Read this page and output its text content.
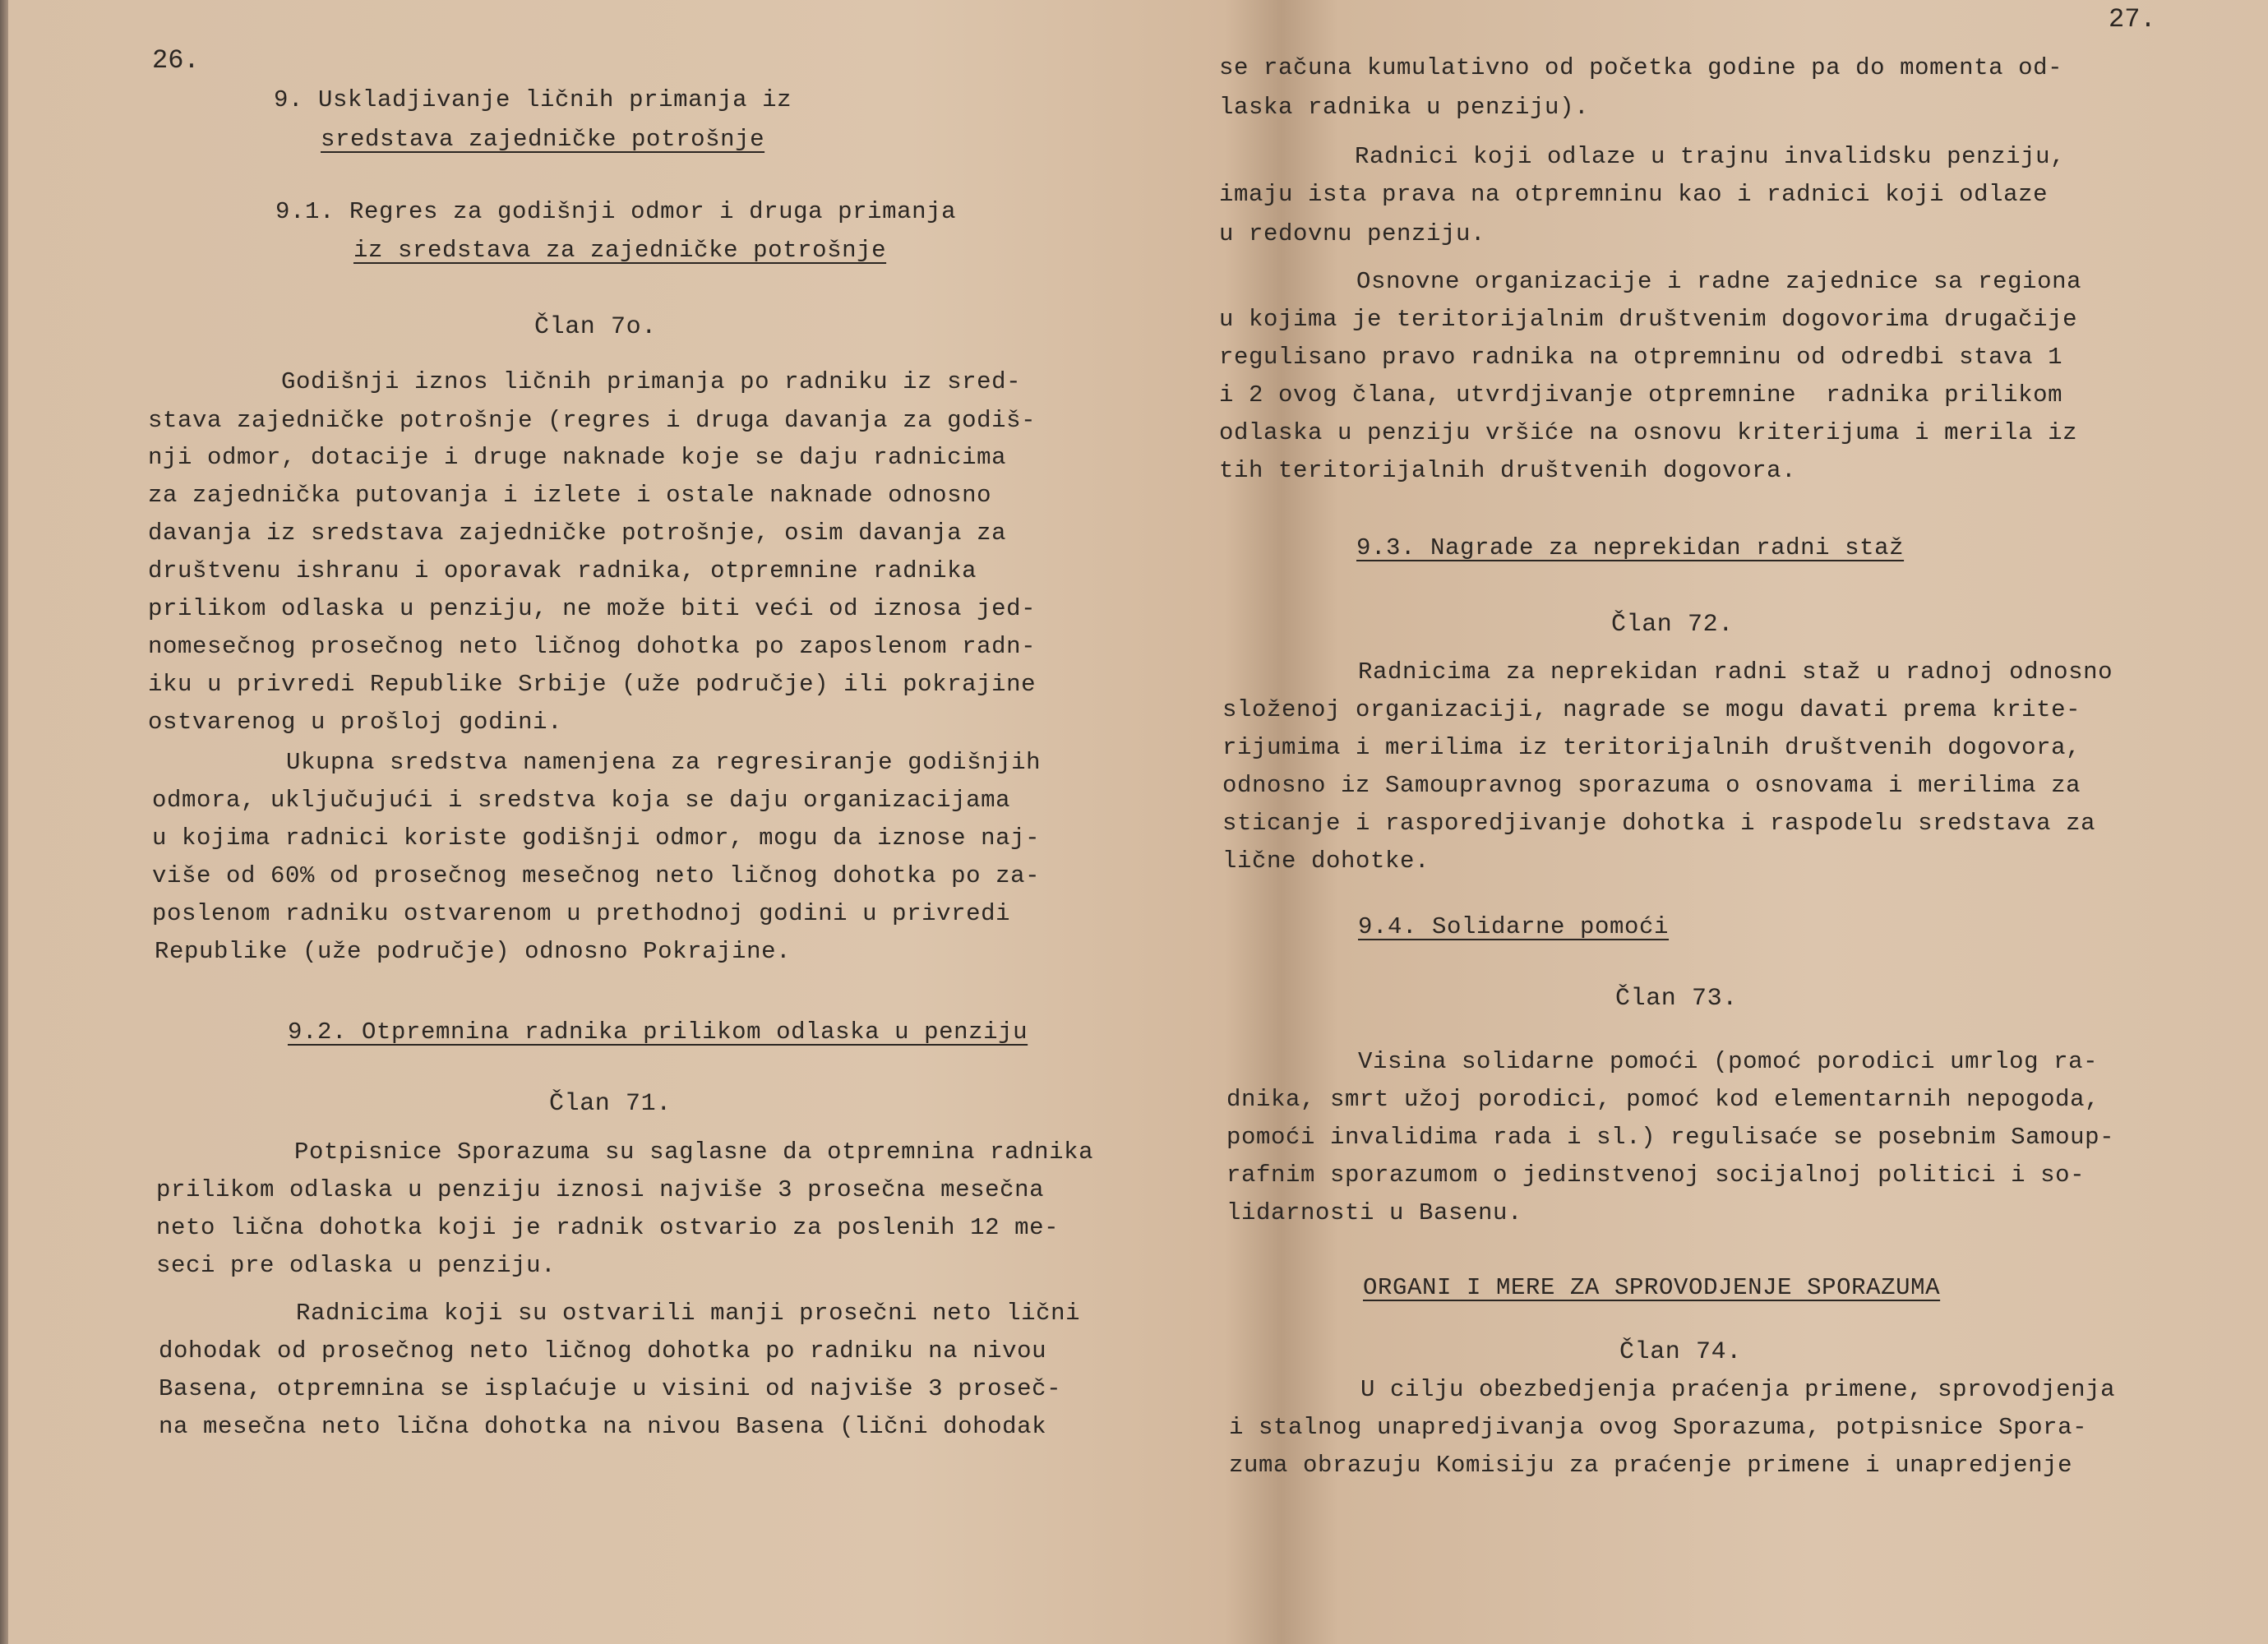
26.
9. Uskladjivanje ličnih primanja iz
sredstava zajedničke potrošnje
9.1. Regres za godišnji odmor i druga primanja
iz sredstava za zajedničke potrošnje
Član 7o.
Godišnji iznos ličnih primanja po radniku iz sred-
stava zajedničke potrošnje (regres i druga davanja za godiš-
nji odmor, dotacije i druge naknade koje se daju radnicima
za zajednička putovanja i izlete i ostale naknade odnosno
davanja iz sredstava zajedničke potrošnje, osim davanja za
društvenu ishranu i oporavak radnika, otpremnine radnika
prilikom odlaska u penziju, ne može biti veći od iznosa jed-
nomesečnog prosečnog neto ličnog dohotka po zaposlenom radn-
iku u privredi Republike Srbije (uže područje) ili pokrajine
ostvarenog u prošloj godini.
Ukupna sredstva namenjena za regresiranje godišnjih
odmora, uključujući i sredstva koja se daju organizacijama
u kojima radnici koriste godišnji odmor, mogu da iznose naj-
više od 60% od prosečnog mesečnog neto ličnog dohotka po za-
poslenom radniku ostvarenom u prethodnoj godini u privredi
Republike (uže područje) odnosno Pokrajine.
9.2. Otpremnina radnika prilikom odlaska u penziju
Član 71.
Potpisnice Sporazuma su saglasne da otpremnina radnika
prilikom odlaska u penziju iznosi najviše 3 prosečna mesečna
neto lična dohotka koji je radnik ostvario za poslenih 12 me-
seci pre odlaska u penziju.
Radnicima koji su ostvarili manji prosečni neto lični
dohodak od prosečnog neto ličnog dohotka po radniku na nivou
Basena, otpremnina se isplaćuje u visini od najviše 3 prosеč-
na mesečna neto lična dohotka na nivou Basena (lični dohodak
27.
se računa kumulativno od početka godine pa do momenta od-
laska radnika u penziju).
Radnici koji odlaze u trajnu invalidsku penziju,
imaju ista prava na otpremninu kao i radnici koji odlaze
u redovnu penziju.
Osnovne organizacije i radne zajednice sa regiona
u kojima je teritorijalnim društvenim dogovorima drugačije
regulisano pravo radnika na otpremninu od odredbi stava 1
i 2 ovog člana, utvrdjivanje otpremnine  radnika prilikom
odlaska u penziju vršiće na osnovu kriterijuma i merila iz
tih teritorijalnih društvenih dogovora.
9.3. Nagrade za neprekidan radni staž
Član 72.
Radnicima za neprekidan radni staž u radnoj odnosno
složenoj organizaciji, nagrade se mogu davati prema krite-
rijumima i merilima iz teritorijalnih društvenih dogovora,
odnosno iz Samoupravnog sporazuma o osnovama i merilima za
sticanje i rasporedjivanje dohotka i raspodelu sredstava za
lične dohotke.
9.4. Solidarne pomoći
Član 73.
Visina solidarne pomoći (pomoć porodici umrlog ra-
dnika, smrt užoj porodici, pomoć kod elementarnih nepogoda,
pomoći invalidima rada i sl.) regulisaće se posebnim Samoup-
rafnim sporazumom o jedinstvenoj socijalnoj politici i so-
lidarnosti u Basenu.
ORGANI I MERE ZA SPROVODJENJE SPORAZUMA
Član 74.
U cilju obezbedjenja praćenja primene, sprovodjenja
i stalnog unapredjivanja ovog Sporazuma, potpisnice Spora-
zuma obrazuju Komisiju za praćenje primene i unapredjenje
